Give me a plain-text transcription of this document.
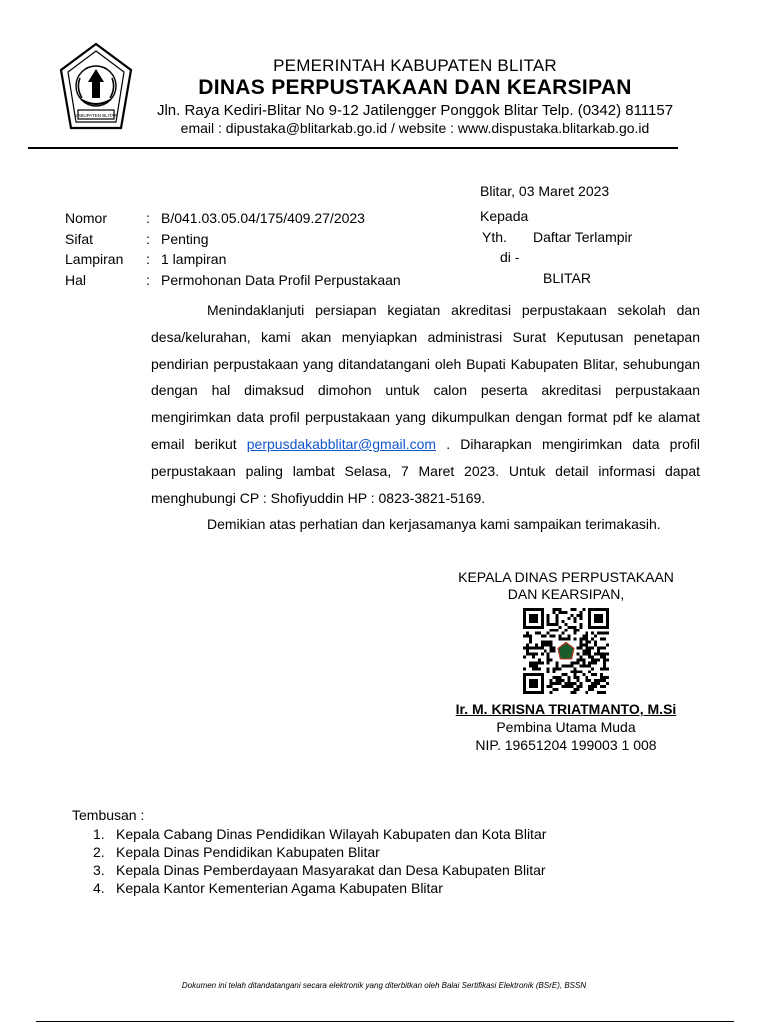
KABUPATEN BLITAR
PEMERINTAH KABUPATEN BLITAR
DINAS PERPUSTAKAAN DAN KEARSIPAN
Jln. Raya Kediri-Blitar No 9-12 Jatilengger Ponggok Blitar Telp. (0342) 811157
email : dipustaka@blitarkab.go.id / website : www.dispustaka.blitarkab.go.id
Blitar, 03 Maret 2023
Kepada
Yth. Daftar Terlampir
di -
BLITAR
Nomor	: B/041.03.05.04/175/409.27/2023
Sifat	: Penting
Lampiran : 1 lampiran
Hal	: Permohonan Data Profil Perpustakaan

Menindaklanjuti persiapan kegiatan akreditasi perpustakaan sekolah dan desa/kelurahan, kami akan menyiapkan administrasi Surat Keputusan penetapan pendirian perpustakaan yang ditandatangani oleh Bupati Kabupaten Blitar, sehubungan dengan hal dimaksud dimohon untuk calon peserta akreditasi perpustakaan mengirimkan data profil perpustakaan yang dikumpulkan dengan format pdf ke alamat email berikut perpusdakabblitar@gmail.com . Diharapkan mengirimkan data profil perpustakaan paling lambat Selasa, 7 Maret 2023. Untuk detail informasi dapat menghubungi CP : Shofiyuddin HP : 0823-3821-5169.

Demikian atas perhatian dan kerjasamanya kami sampaikan terimakasih.

KEPALA DINAS PERPUSTAKAAN
DAN KEARSIPAN,
Ir. M. KRISNA TRIATMANTO, M.Si
Pembina Utama Muda
NIP. 19651204 199003 1 008
Tembusan :
1. Kepala Cabang Dinas Pendidikan Wilayah Kabupaten dan Kota Blitar
2. Kepala Dinas Pendidikan Kabupaten Blitar
3. Kepala Dinas Pemberdayaan Masyarakat dan Desa Kabupaten Blitar
4. Kepala Kantor Kementerian Agama Kabupaten Blitar
Dokumen ini telah ditandatangani secara elektronik yang diterbitkan oleh Balai Sertifikasi Elektronik (BSrE), BSSN
